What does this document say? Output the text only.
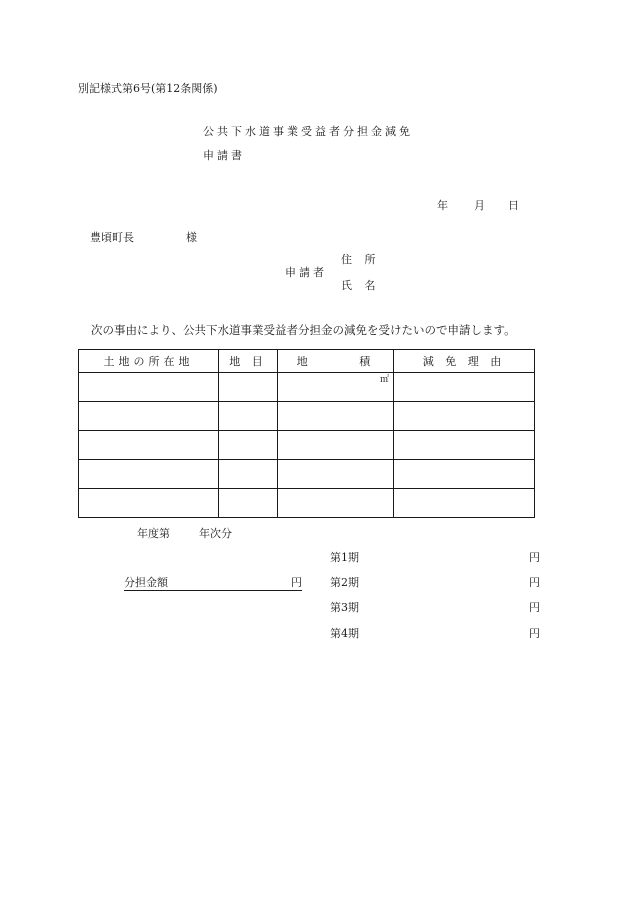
別記様式第6号(第12条関係)
公共下水道事業受益者分担金減免
申請書
年 月 日
豊頃町長	様
申請者
住 所
氏 名
次の事由により、公共下水道事業受益者分担金の減免を受けたいので申請します。
土地の所在地	地 目	地 積	減 免 理 由

		㎡	

年度第	年次分
分担金額	円
第1期	円
第2期	円
第3期	円
第4期	円
